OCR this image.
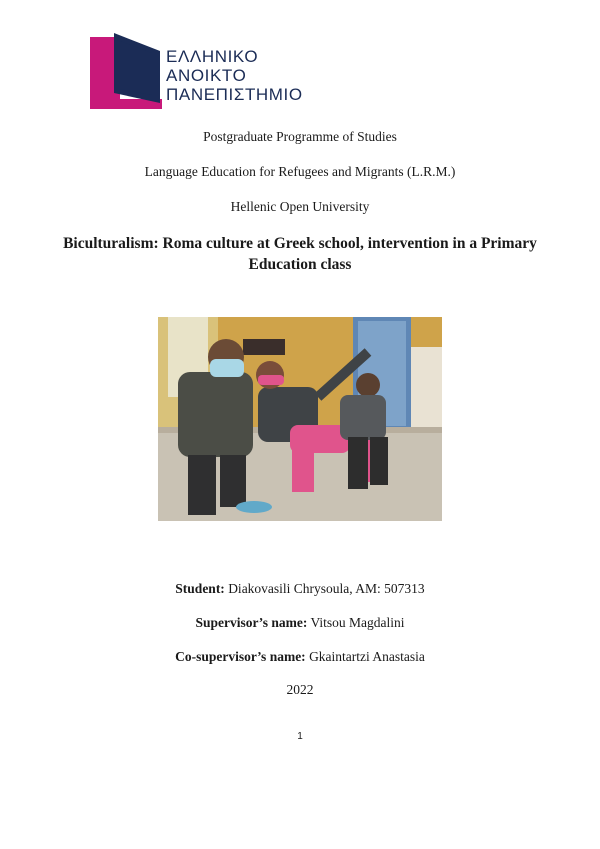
ΕΛΛΗΝΙΚΟ
ΑΝΟΙΚΤΟ
ΠΑΝΕΠΙΣΤΗΜΙΟ
Postgraduate Programme of Studies
Language Education for Refugees and Migrants (L.R.M.)
Hellenic Open University
Biculturalism: Roma culture at Greek school, intervention in a Primary Education class
Student: Diakovasili Chrysoula, AM: 507313
Supervisor’s name: Vitsou Magdalini
Co-supervisor’s name: Gkaintartzi Anastasia
2022
1
